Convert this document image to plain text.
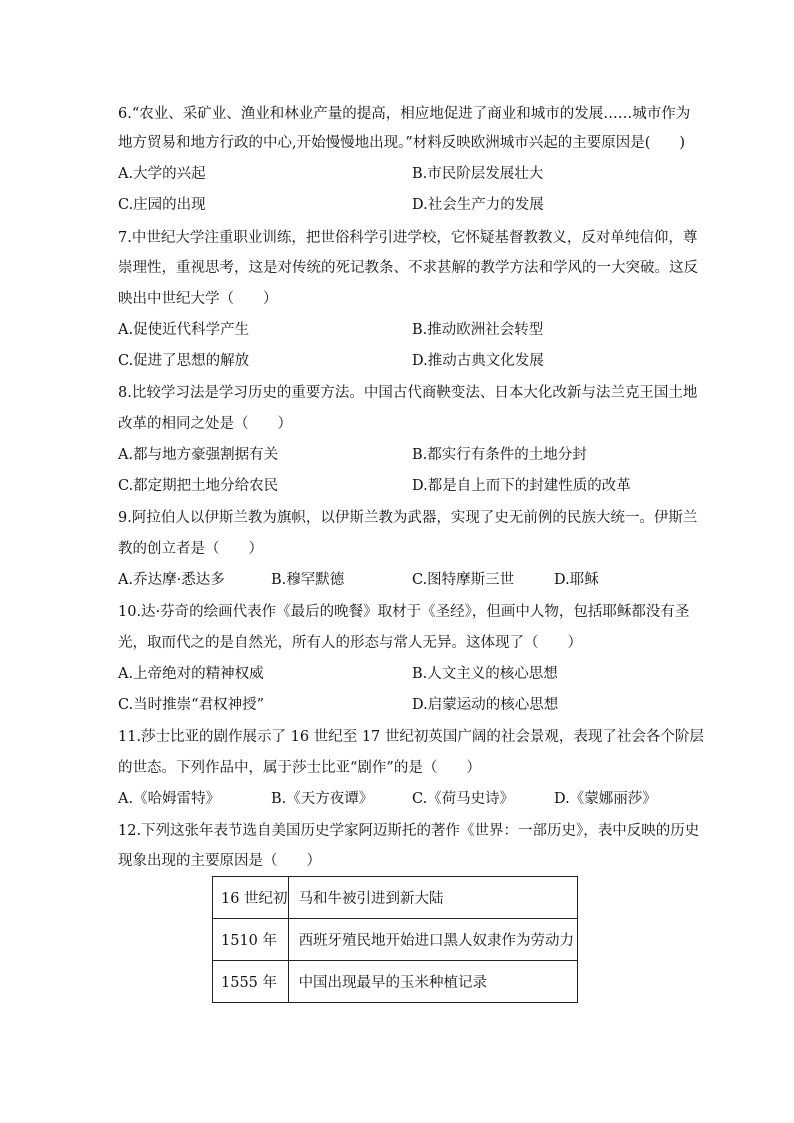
6.“农业、采矿业、渔业和林业产量的提高，相应地促进了商业和城市的发展……城市作为
地方贸易和地方行政的中心,开始慢慢地出现。”材料反映欧洲城市兴起的主要原因是(　　)
A.大学的兴起	B.市民阶层发展壮大
C.庄园的出现	D.社会生产力的发展
7.中世纪大学注重职业训练，把世俗科学引进学校，它怀疑基督教教义，反对单纯信仰，尊
崇理性，重视思考，这是对传统的死记教条、不求甚解的教学方法和学风的一大突破。这反
映出中世纪大学（　　）
A.促使近代科学产生	B.推动欧洲社会转型
C.促进了思想的解放	D.推动古典文化发展
8.比较学习法是学习历史的重要方法。中国古代商鞅变法、日本大化改新与法兰克王国土地
改革的相同之处是（　　）
A.都与地方豪强割据有关	B.都实行有条件的土地分封
C.都定期把土地分给农民	D.都是自上而下的封建性质的改革
9.阿拉伯人以伊斯兰教为旗帜，以伊斯兰教为武器，实现了史无前例的民族大统一。伊斯兰
教的创立者是（　　）
A.乔达摩·悉达多	B.穆罕默德	C.图特摩斯三世	D.耶稣
10.达·芬奇的绘画代表作《最后的晚餐》取材于《圣经》，但画中人物，包括耶稣都没有圣
光，取而代之的是自然光，所有人的形态与常人无异。这体现了（　　）
A.上帝绝对的精神权威	B.人文主义的核心思想
C.当时推崇“君权神授”	D.启蒙运动的核心思想
11.莎士比亚的剧作展示了 16 世纪至 17 世纪初英国广阔的社会景观，表现了社会各个阶层
的世态。下列作品中，属于莎士比亚“剧作”的是（　　）
A.《哈姆雷特》	B.《天方夜谭》	C.《荷马史诗》	D.《蒙娜丽莎》
12.下列这张年表节选自美国历史学家阿迈斯托的著作《世界：一部历史》，表中反映的历史
现象出现的主要原因是（　　）
16 世纪初	马和牛被引进到新大陆
1510 年	西班牙殖民地开始进口黑人奴隶作为劳动力
1555 年	中国出现最早的玉米种植记录
